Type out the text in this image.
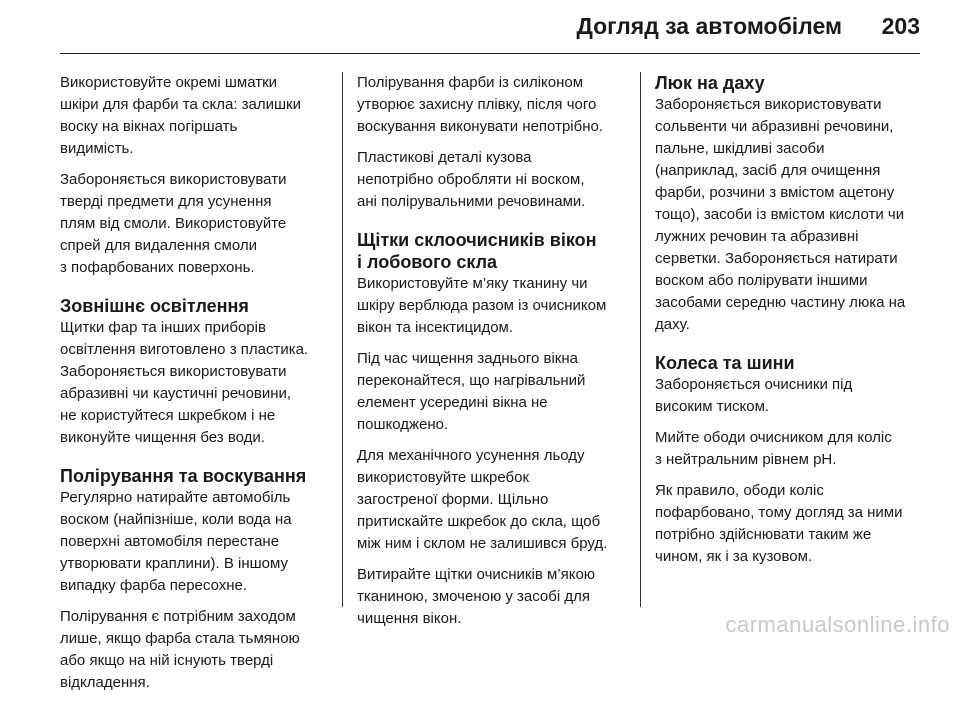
Догляд за автомобілем 203

Використовуйте окремі шматки
шкіри для фарби та скла: залишки
воску на вікнах погіршать
видимість.

Забороняється використовувати
тверді предмети для усунення
плям від смоли. Використовуйте
спрей для видалення смоли
з пофарбованих поверхонь.

Зовнішнє освітлення

Щитки фар та інших приборів
освітлення виготовлено з пластика.
Забороняється використовувати
абразивні чи каустичні речовини,
не користуйтеся шкребком і не
виконуйте чищення без води.

Полірування та воскування

Регулярно натирайте автомобіль
воском (найпізніше, коли вода на
поверхні автомобіля перестане
утворювати краплини). В іншому
випадку фарба пересохне.

Полірування є потрібним заходом
лише, якщо фарба стала тьмяною
або якщо на ній існують тверді
відкладення.

Полірування фарби із силіконом
утворює захисну плівку, після чого
воскування виконувати непотрібно.

Пластикові деталі кузова
непотрібно обробляти ні воском,
ані полірувальними речовинами.

Щітки склоочисників вікон
і лобового скла

Використовуйте м’яку тканину чи
шкіру верблюда разом із очисником
вікон та інсектицидом.

Під час чищення заднього вікна
переконайтеся, що нагрівальний
елемент усередині вікна не
пошкоджено.

Для механічного усунення льоду
використовуйте шкребок
загостреної форми. Щільно
притискайте шкребок до скла, щоб
між ним і склом не залишився бруд.

Витирайте щітки очисників м’якою
тканиною, змоченою у засобі для
чищення вікон.

Люк на даху

Забороняється використовувати
сольвенти чи абразивні речовини,
пальне, шкідливі засоби
(наприклад, засіб для очищення
фарби, розчини з вмістом ацетону
тощо), засоби із вмістом кислоти чи
лужних речовин та абразивні
серветки. Забороняється натирати
воском або полірувати іншими
засобами середню частину люка на
даху.

Колеса та шини

Забороняється очисники під
високим тиском.

Мийте ободи очисником для коліс
з нейтральним рівнем pH.

Як правило, ободи коліс
пофарбовано, тому догляд за ними
потрібно здійснювати таким же
чином, як і за кузовом.

carmanualsonline.info
